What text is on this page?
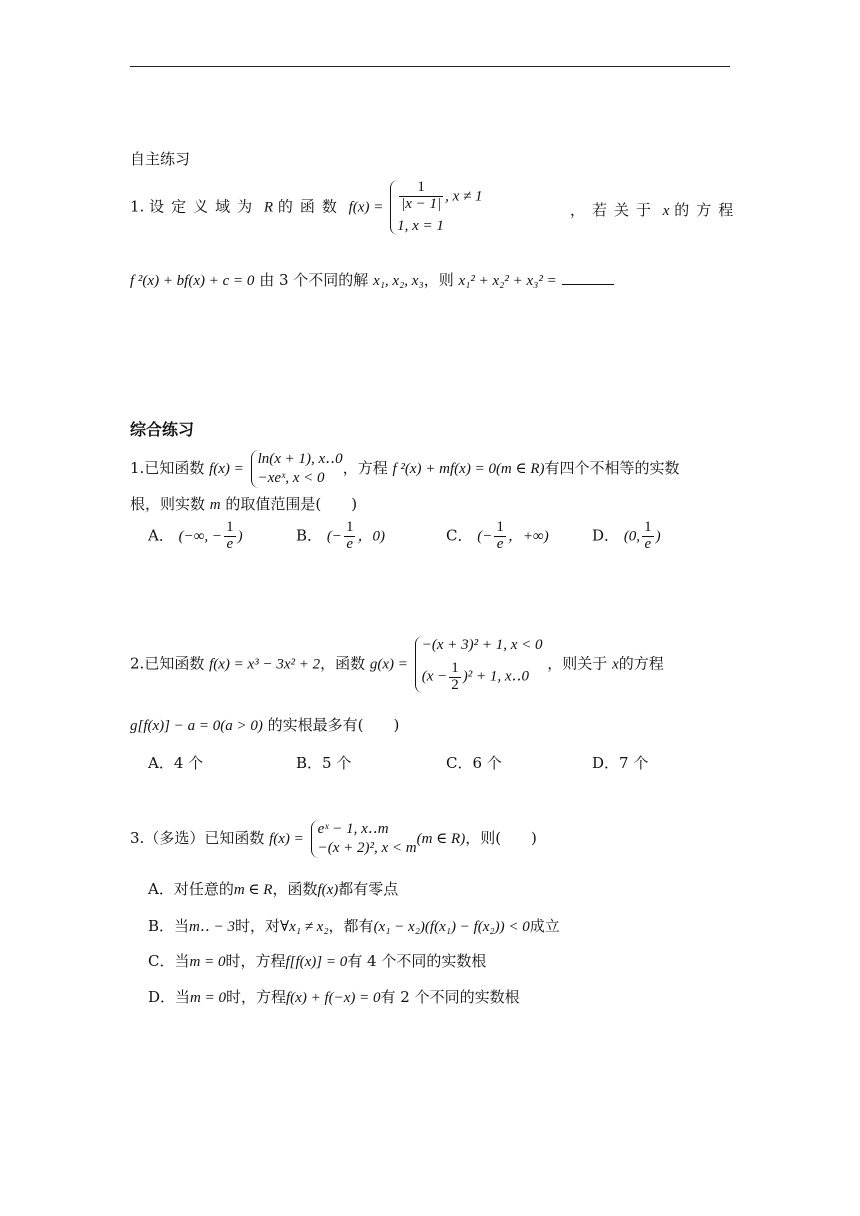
自主练习
1. 设定义域为 R 的函数 $f(x) = \frac{1}{|x - 1|}$ , x ≠ 1
1, x = 1
，若关于 x 的方程
f ²(x) + bf(x) + c = 0 由 3 个不同的解 x₁, x₂, x₃，则 x₁² + x₂² + x₃² =
综合练习
1.已知函数 f(x) =
ln(x + 1), x‥0
−xeˣ, x < 0
，方程 f ²(x) + mf(x) = 0(m ∈ R)有四个不相等的实数
根，则实数 m 的取值范围是(　　)
A． (−∞, − $\frac{1}{e}$ )	B． (− $\frac{1}{e}$ ，0)	C． (− $\frac{1}{e}$ ，+∞)	D． (0, $\frac{1}{e}$ )
2.已知函数 f(x) = x³ − 3x² + 2，函数 g(x) =
−(x + 3)² + 1, x < 0
$(x - \frac{1}{2} )^2 + 1$, x‥0
，则关于 x的方程
g[f(x)] − a = 0(a > 0) 的实根最多有(　　)
A．4 个	B．5 个	C．6 个	D．7 个
3.（多选）已知函数 f(x) =
eˣ − 1, x‥m
−(x + 2)², x < m
(m ∈ R)，则(　　)
A．对任意的m ∈ R，函数f(x)都有零点
B．当m‥ − 3时，对∀x₁ ≠ x₂，都有(x₁ − x₂)(f(x₁) − f(x₂)) < 0成立
C．当m = 0时，方程f[f(x)] = 0有 4 个不同的实数根
D．当m = 0时，方程f(x) + f(−x) = 0有 2 个不同的实数根
